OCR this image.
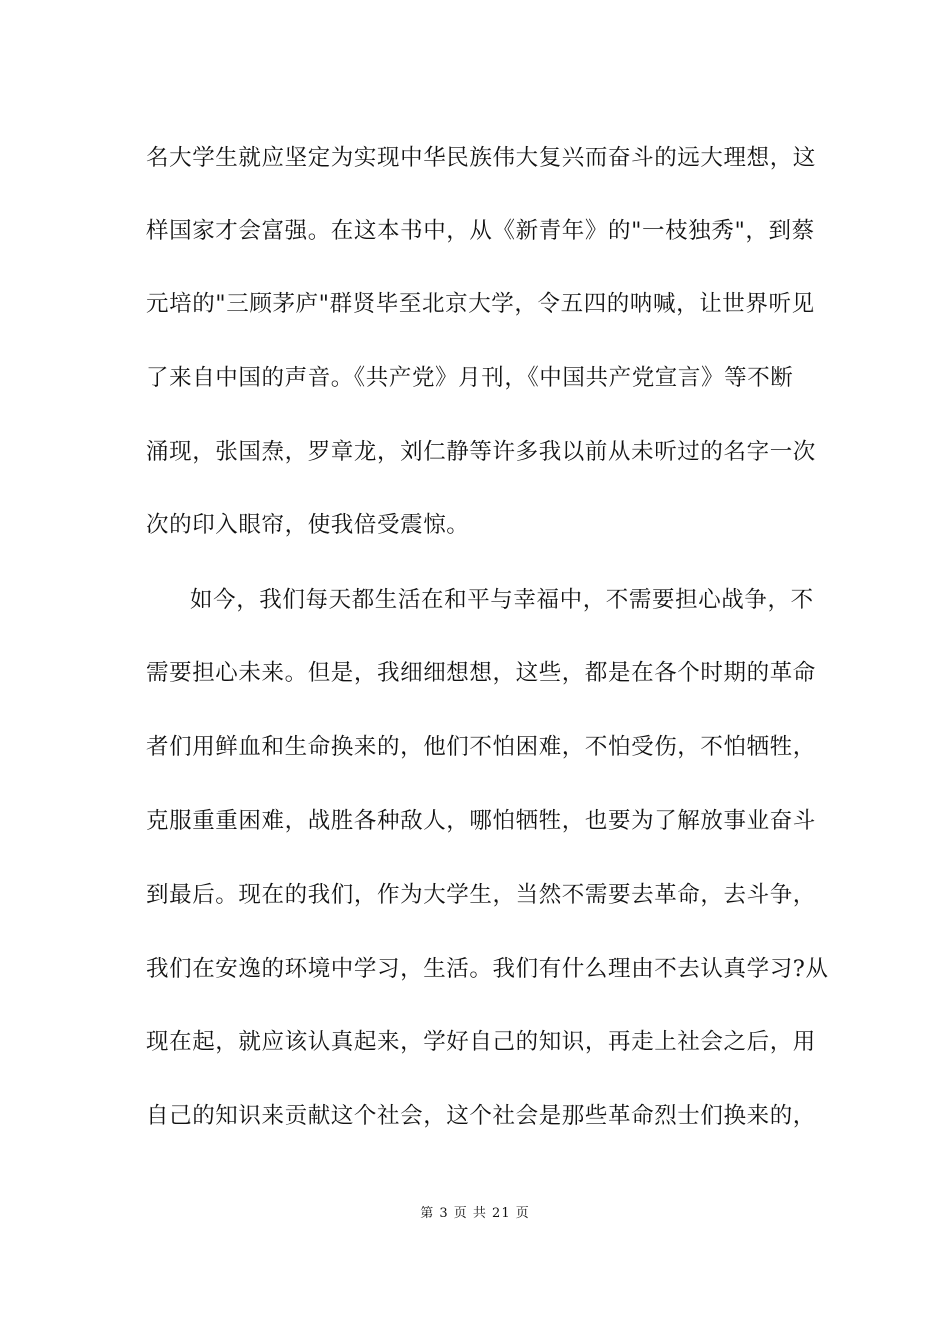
名大学生就应坚定为实现中华民族伟大复兴而奋斗的远大理想，这
样国家才会富强。在这本书中，从《新青年》的"一枝独秀"，到蔡
元培的"三顾茅庐"群贤毕至北京大学，令五四的呐喊，让世界听见
了来自中国的声音。《共产党》月刊，《中国共产党宣言》等不断
涌现，张国焘，罗章龙，刘仁静等许多我以前从未听过的名字一次
次的印入眼帘，使我倍受震惊。
如今，我们每天都生活在和平与幸福中，不需要担心战争，不
需要担心未来。但是，我细细想想，这些，都是在各个时期的革命
者们用鲜血和生命换来的，他们不怕困难，不怕受伤，不怕牺牲，
克服重重困难，战胜各种敌人，哪怕牺牲，也要为了解放事业奋斗
到最后。现在的我们，作为大学生，当然不需要去革命，去斗争，
我们在安逸的环境中学习，生活。我们有什么理由不去认真学习?从
现在起，就应该认真起来，学好自己的知识，再走上社会之后，用
自己的知识来贡献这个社会，这个社会是那些革命烈士们换来的，
第 3 页 共 21 页
